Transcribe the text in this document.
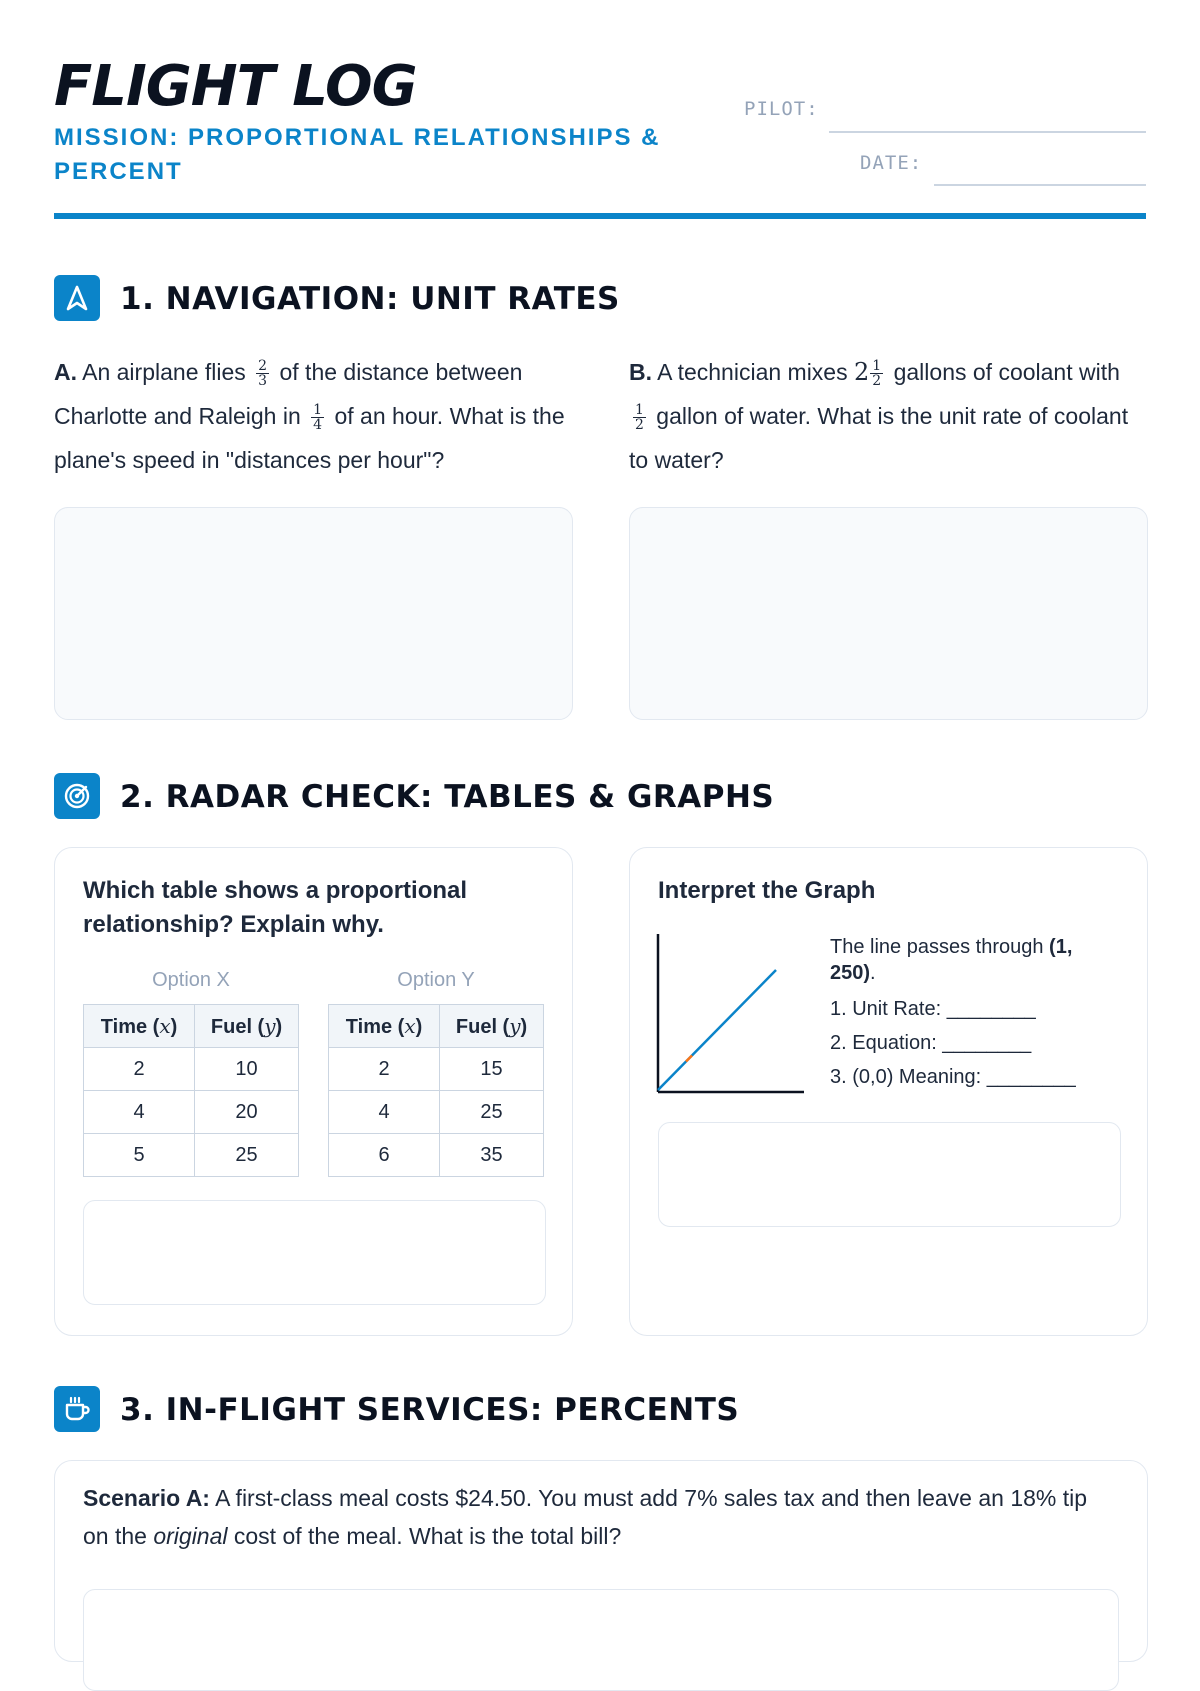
FLIGHT LOG
MISSION: PROPORTIONAL RELATIONSHIPS & PERCENT
PILOT:
DATE:
1. NAVIGATION: UNIT RATES
A. An airplane flies $\frac{2}{3}$ of the distance between Charlotte and Raleigh in $\frac{1}{4}$ of an hour. What is the plane's speed in "distances per hour"?
B. A technician mixes $2 \frac{1}{2}$ gallons of coolant with
$\frac{1}{2}$ gallon of water. What is the unit rate of coolant to water?
2. RADAR CHECK: TABLES & GRAPHS
Which table shows a proportional relationship? Explain why.
Option X
Time (x)	Fuel (y)
2	10
4	20
5	25
Option Y
Time (x)	Fuel (y)
2	15
4	25
6	35
Interpret the Graph
The line passes through (1, 250).
1. Unit Rate: ________
2. Equation: ________
3. (0,0) Meaning: ________
3. IN-FLIGHT SERVICES: PERCENTS
Scenario A: A first-class meal costs $24.50. You must add 7% sales tax and then leave an 18% tip on the original cost of the meal. What is the total bill?
